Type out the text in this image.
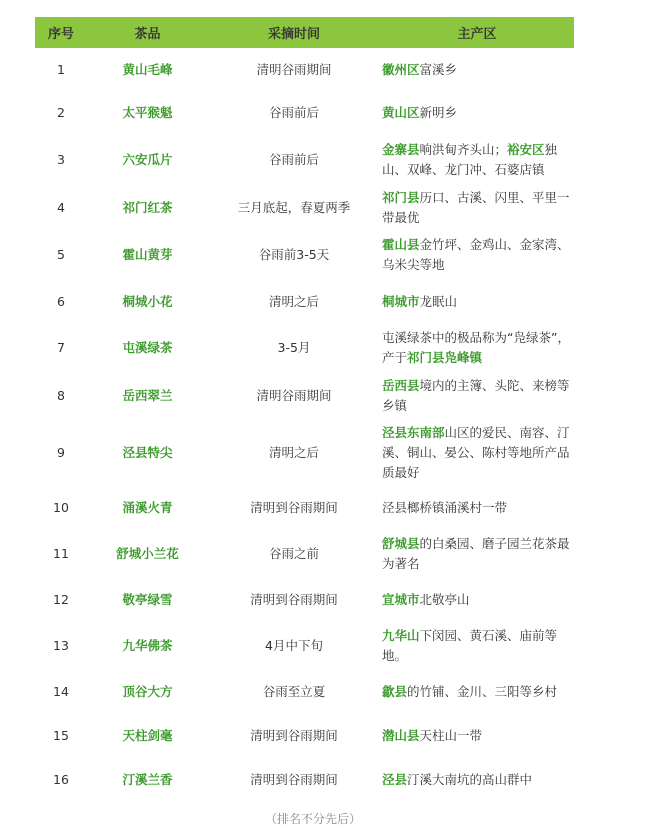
序号	茶品	采摘时间	主产区
1	黄山毛峰	清明谷雨期间	徽州区富溪乡
2	太平猴魁	谷雨前后	黄山区新明乡
3	六安瓜片	谷雨前后	金寨县响洪甸齐头山；裕安区独山、双峰、龙门冲、石婆店镇
4	祁门红茶	三月底起，春夏两季	祁门县历口、古溪、闪里、平里一带最优
5	霍山黄芽	谷雨前3-5天	霍山县金竹坪、金鸡山、金家湾、乌米尖等地
6	桐城小花	清明之后	桐城市龙眠山
7	屯溪绿茶	3-5月	屯溪绿茶中的极品称为“凫绿茶”，产于祁门县凫峰镇
8	岳西翠兰	清明谷雨期间	岳西县境内的主簿、头陀、来榜等乡镇
9	泾县特尖	清明之后	泾县东南部山区的爱民、南容、汀溪、铜山、晏公、陈村等地所产品质最好
10	涌溪火青	清明到谷雨期间	泾县榔桥镇涌溪村一带
11	舒城小兰花	谷雨之前	舒城县的白桑园、磨子园兰花茶最为著名
12	敬亭绿雪	清明到谷雨期间	宣城市北敬亭山
13	九华佛茶	4月中下旬	九华山下闵园、黄石溪、庙前等地。
14	顶谷大方	谷雨至立夏	歙县的竹铺、金川、三阳等乡村
15	天柱剑毫	清明到谷雨期间	潜山县天柱山一带
16	汀溪兰香	清明到谷雨期间	泾县汀溪大南坑的高山群中
（排名不分先后）
